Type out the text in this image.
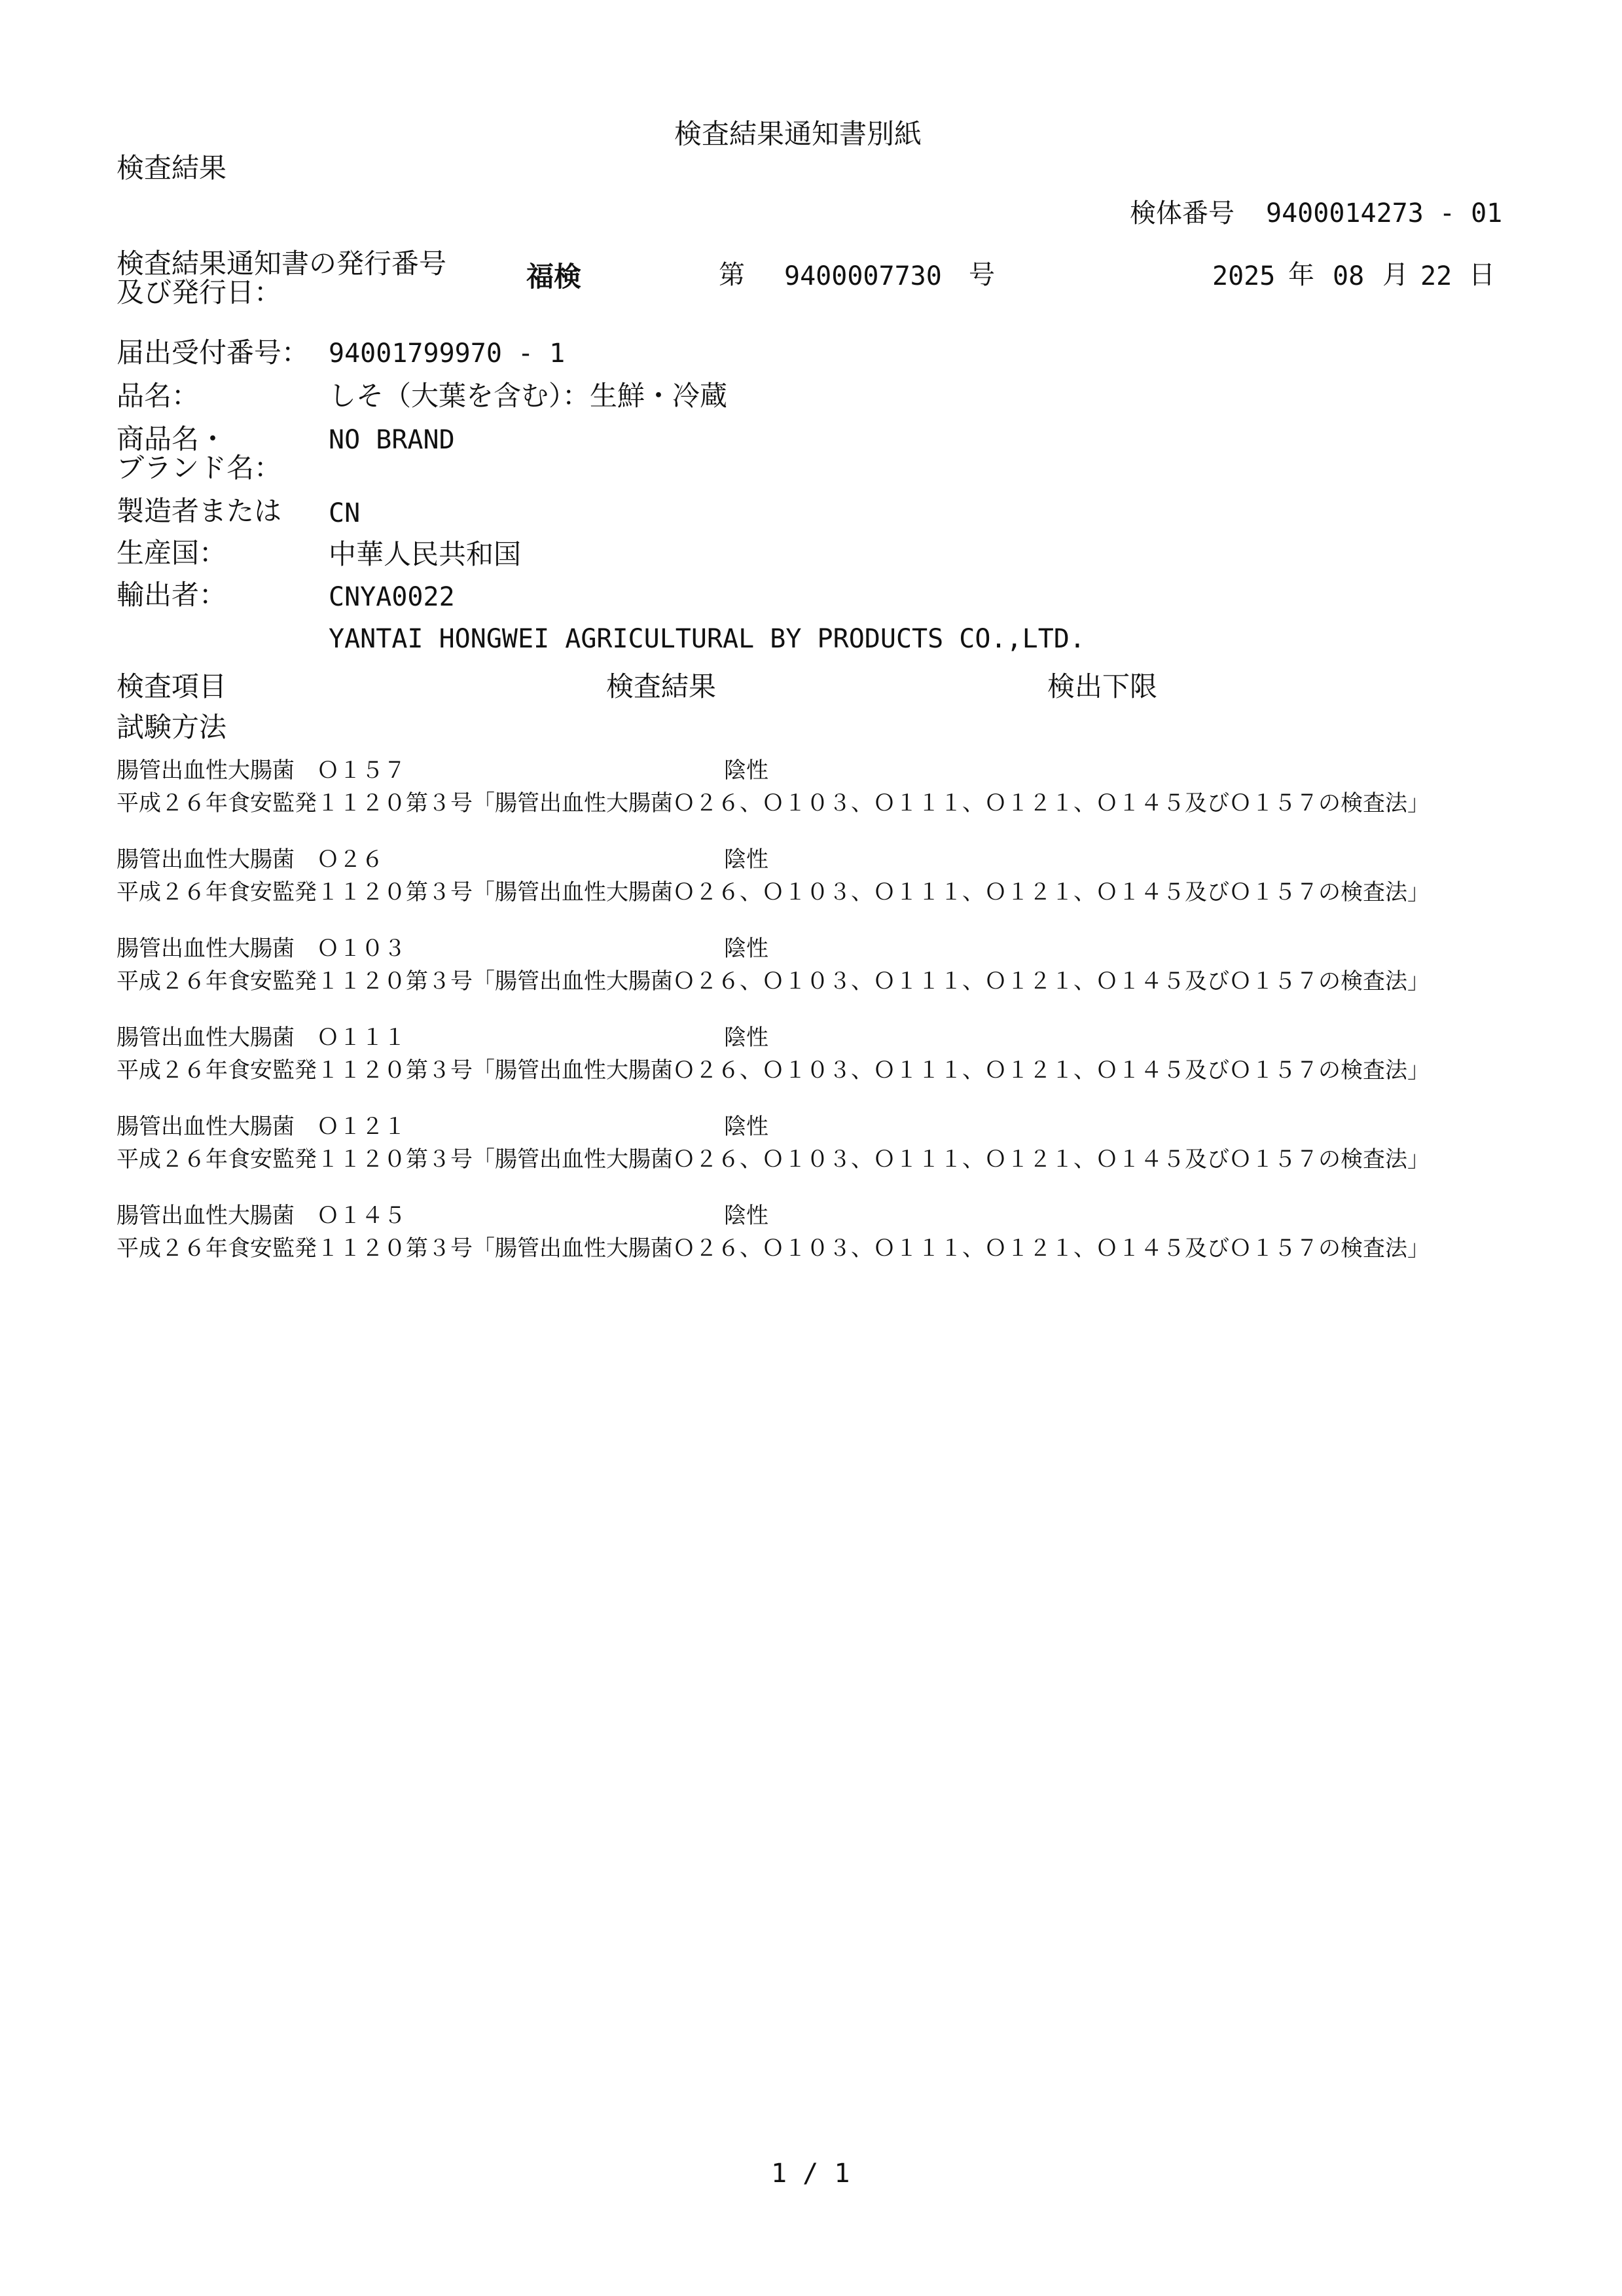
検査結果通知書別紙
検査結果
検体番号 9400014273 - 01
検査結果通知書の発行番号
及び発行日：	福検	第 9400007730 号	2025 年 08 月 22 日
届出受付番号： 94001799970 - 1
品名：	しそ（大葉を含む）：生鮮・冷蔵
商品名・
ブランド名：
NO BRAND
製造者または CN
生産国：	中華人民共和国
輸出者：	CNYA0022
YANTAI HONGWEI AGRICULTURAL BY PRODUCTS CO.,LTD.
検査項目	検査結果	検出下限
試験方法
腸管出血性大腸菌　Ｏ１５７	陰性
平成２６年食安監発１１２０第３号「腸管出血性大腸菌Ｏ２６、Ｏ１０３、Ｏ１１１、Ｏ１２１、Ｏ１４５及びＯ１５７の検査法」
腸管出血性大腸菌　Ｏ２６	陰性
平成２６年食安監発１１２０第３号「腸管出血性大腸菌Ｏ２６、Ｏ１０３、Ｏ１１１、Ｏ１２１、Ｏ１４５及びＯ１５７の検査法」
腸管出血性大腸菌　Ｏ１０３	陰性
平成２６年食安監発１１２０第３号「腸管出血性大腸菌Ｏ２６、Ｏ１０３、Ｏ１１１、Ｏ１２１、Ｏ１４５及びＯ１５７の検査法」
腸管出血性大腸菌　Ｏ１１１	陰性
平成２６年食安監発１１２０第３号「腸管出血性大腸菌Ｏ２６、Ｏ１０３、Ｏ１１１、Ｏ１２１、Ｏ１４５及びＯ１５７の検査法」
腸管出血性大腸菌　Ｏ１２１	陰性
平成２６年食安監発１１２０第３号「腸管出血性大腸菌Ｏ２６、Ｏ１０３、Ｏ１１１、Ｏ１２１、Ｏ１４５及びＯ１５７の検査法」
腸管出血性大腸菌　Ｏ１４５	陰性
平成２６年食安監発１１２０第３号「腸管出血性大腸菌Ｏ２６、Ｏ１０３、Ｏ１１１、Ｏ１２１、Ｏ１４５及びＯ１５７の検査法」
1 / 1
